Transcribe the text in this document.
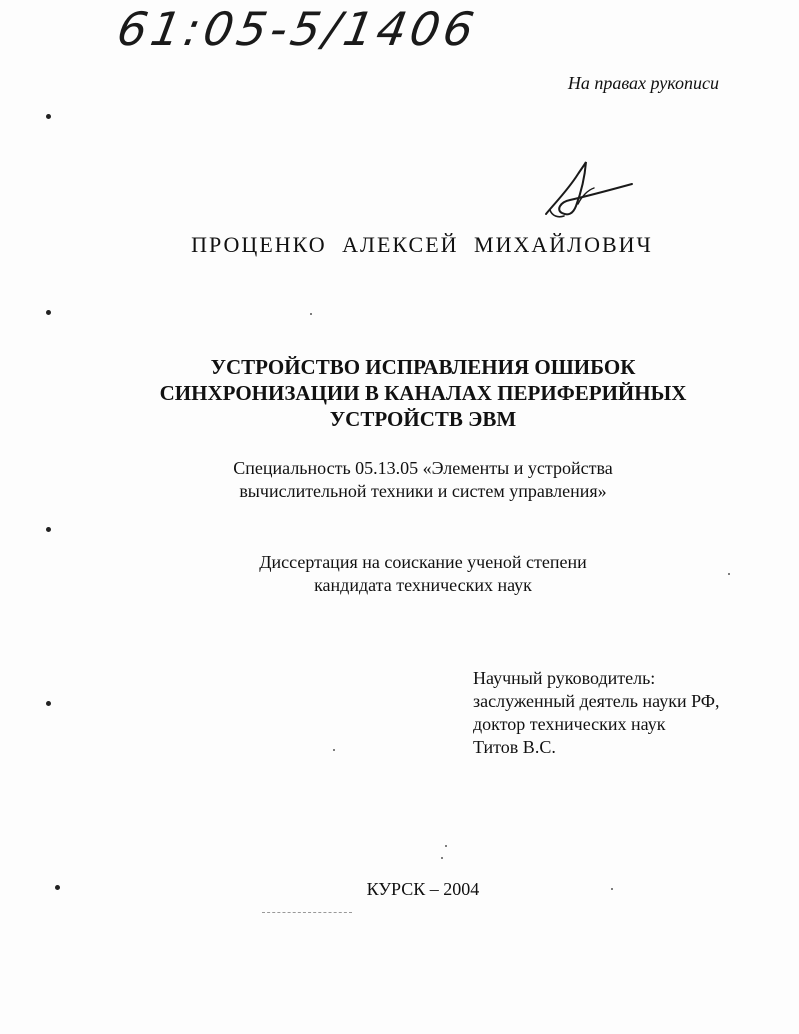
61:05-5/1406
На правах рукописи
ПРОЦЕНКО АЛЕКСЕЙ МИХАЙЛОВИЧ
УСТРОЙСТВО ИСПРАВЛЕНИЯ ОШИБОК
СИНХРОНИЗАЦИИ В КАНАЛАХ ПЕРИФЕРИЙНЫХ
УСТРОЙСТВ ЭВМ
Специальность 05.13.05 «Элементы и устройства
вычислительной техники и систем управления»
Диссертация на соискание ученой степени
кандидата технических наук
Научный руководитель:
заслуженный деятель науки РФ,
доктор технических наук
Титов В.С.
КУРСК – 2004
